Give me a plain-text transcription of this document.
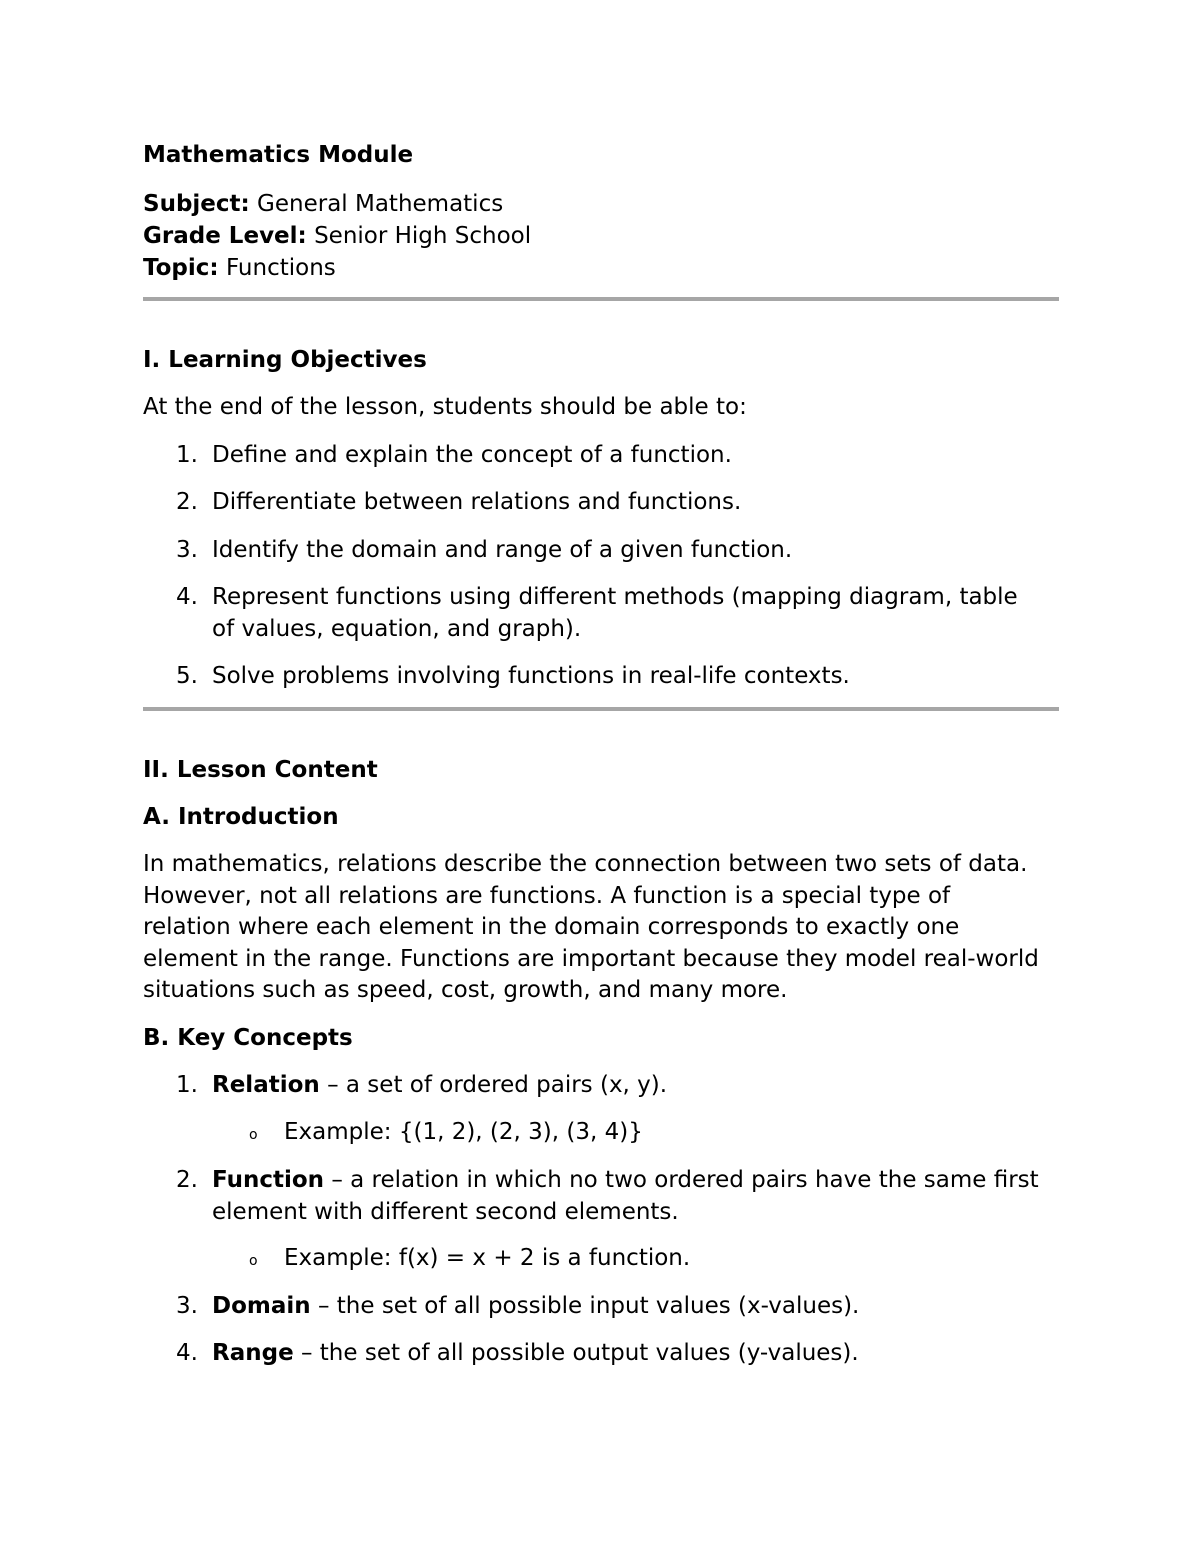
Mathematics Module
Subject: General Mathematics
Grade Level: Senior High School
Topic: Functions
I. Learning Objectives
At the end of the lesson, students should be able to:
1. Define and explain the concept of a function.
2. Differentiate between relations and functions.
3. Identify the domain and range of a given function.
4. Represent functions using different methods (mapping diagram, table
of values, equation, and graph).
5. Solve problems involving functions in real-life contexts.
II. Lesson Content
A. Introduction
In mathematics, relations describe the connection between two sets of data.
However, not all relations are functions. A function is a special type of
relation where each element in the domain corresponds to exactly one
element in the range. Functions are important because they model real-world
situations such as speed, cost, growth, and many more.
B. Key Concepts
1. Relation – a set of ordered pairs (x, y).
o Example: {(1, 2), (2, 3), (3, 4)}
2. Function – a relation in which no two ordered pairs have the same first
element with different second elements.
o Example: f(x) = x + 2 is a function.
3. Domain – the set of all possible input values (x-values).
4. Range – the set of all possible output values (y-values).
